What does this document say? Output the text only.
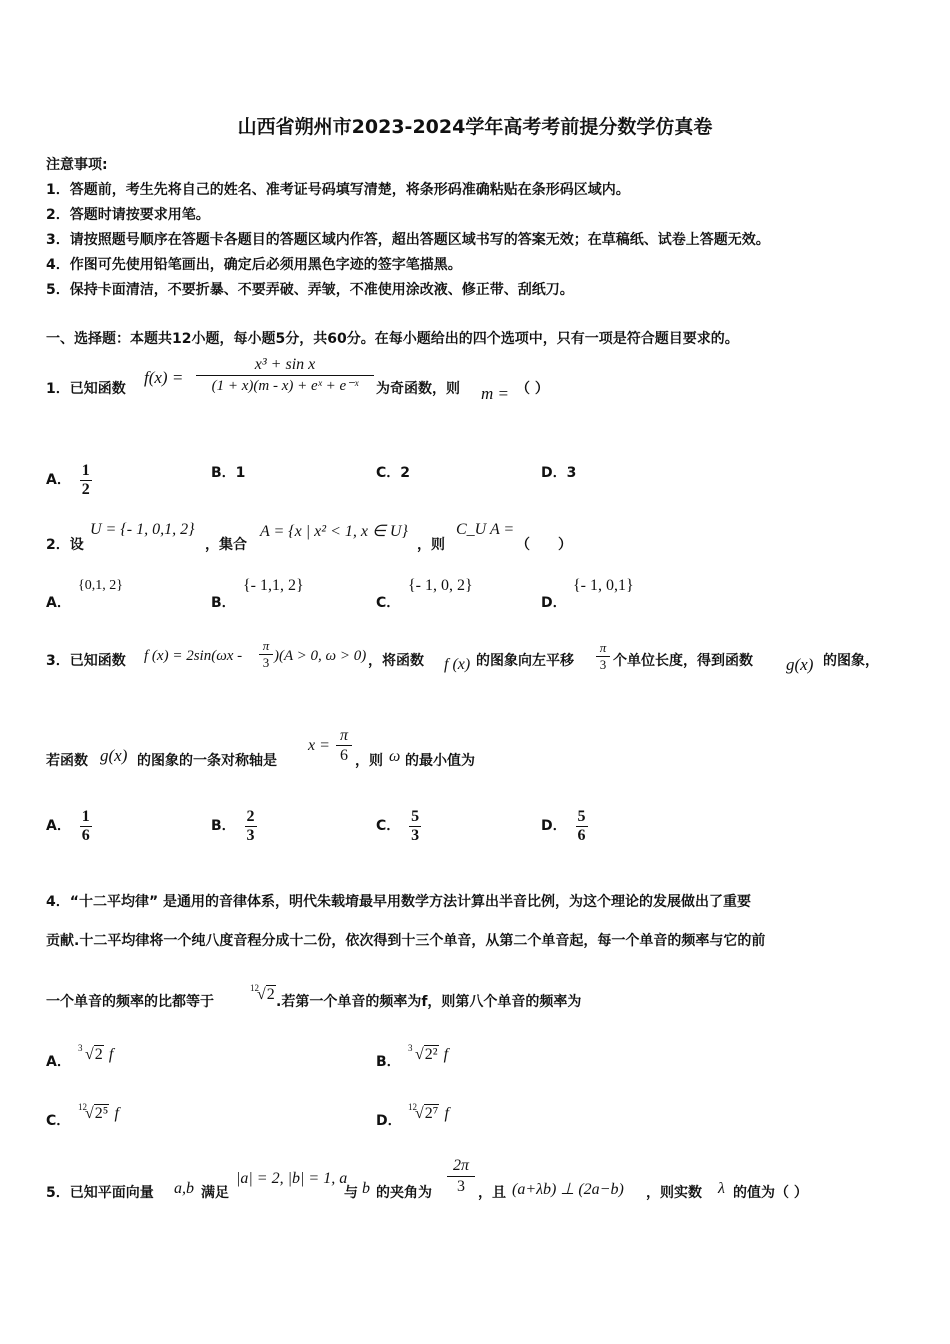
山西省朔州市2023-2024学年高考考前提分数学仿真卷
注意事项:
1．答题前，考生先将自己的姓名、准考证号码填写清楚，将条形码准确粘贴在条形码区域内。
2．答题时请按要求用笔。
3．请按照题号顺序在答题卡各题目的答题区域内作答，超出答题区域书写的答案无效；在草稿纸、试卷上答题无效。
4．作图可先使用铅笔画出，确定后必须用黑色字迹的签字笔描黑。
5．保持卡面清洁，不要折暴、不要弄破、弄皱，不准使用涂改液、修正带、刮纸刀。
一、选择题：本题共12小题，每小题5分，共60分。在每小题给出的四个选项中，只有一项是符合题目要求的。
1．已知函数
$f(x) = \frac{\text{x³ + sin x}}{\text{(1 + x)(m - x) + eˣ + e⁻ˣ}}$ 为奇函数，则 m = （ ）
A． $\frac{1}{2}$	B．1	C．2	D．3
2．设
U = {- 1, 0,1, 2}
，集合
A = {x | x² < 1, x ∈ U}
，则
C_U A =
（　　）
A．
{0,1, 2}
B．
{- 1,1, 2}
C．
{- 1, 0, 2}
D．
{- 1, 0,1}
3．已知函数 f $(x) = 2\sin(\omega x - \frac{\pi}{3} )(A > 0$, ω > 0) ，将函数 f (x) 的图象向左平移 $\frac{\pi}{3}$ 个单位长度，得到函数 g(x) 的图象，
若函数 g(x) 的图象的一条对称轴是
$x = \frac{\pi}{6}$ ，则 ω 的最小值为
A． $\frac{1}{6}$	B． $\frac{2}{3}$	C． $\frac{5}{3}$	D． $\frac{5}{6}$
4．“十二平均律” 是通用的音律体系，明代朱载堉最早用数学方法计算出半音比例，为这个理论的发展做出了重要
贡献.十二平均律将一个纯八度音程分成十二份，依次得到十三个单音，从第二个单音起，每一个单音的频率与它的前
一个单音的频率的比都等于
12
√2 .若第一个单音的频率为f，则第八个单音的频率为
A．
3 √2 f	B．
3 √2² f
C．
12
√2⁵ f	D．
12
√2⁷ f
5．已知平面向量 a,b 满足
|a| = 2, |b| = 1, a
与 b 的夹角为 $\frac{2\pi}{3}$ ，且 (a+λb) ⊥ (2a−b) ，则实数 λ 的值为（ ）
